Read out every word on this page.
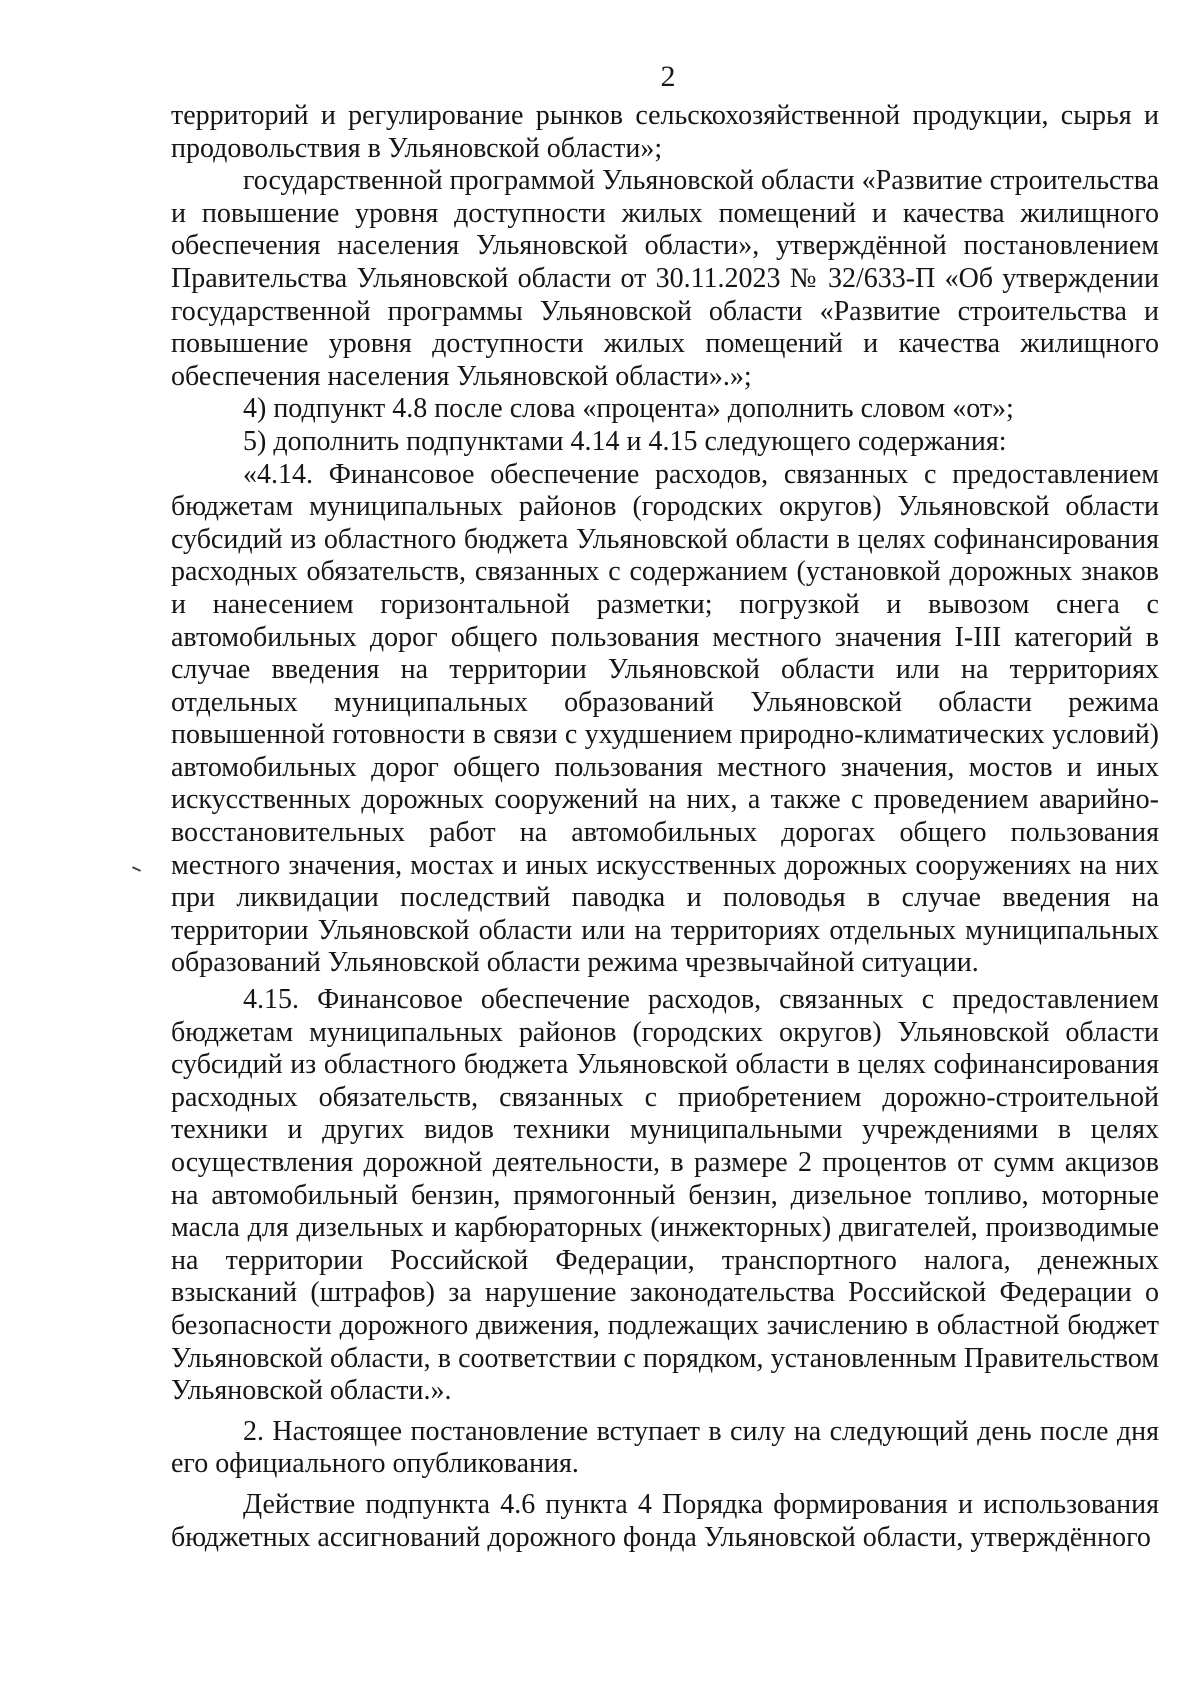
2

территорий и регулирование рынков сельскохозяйственной продукции, сырья и продовольствия в Ульяновской области»;

государственной программой Ульяновской области «Развитие строительства и повышение уровня доступности жилых помещений и качества жилищного обеспечения населения Ульяновской области», утверждённой постановлением Правительства Ульяновской области от 30.11.2023 № 32/633-П «Об утверждении государственной программы Ульяновской области «Развитие строительства и повышение уровня доступности жилых помещений и качества жилищного обеспечения населения Ульяновской области».»;

4) подпункт 4.8 после слова «процента» дополнить словом «от»;

5) дополнить подпунктами 4.14 и 4.15 следующего содержания:

«4.14. Финансовое обеспечение расходов, связанных с предоставлением бюджетам муниципальных районов (городских округов) Ульяновской области субсидий из областного бюджета Ульяновской области в целях софинансирования расходных обязательств, связанных с содержанием (установкой дорожных знаков и нанесением горизонтальной разметки; погрузкой и вывозом снега с автомобильных дорог общего пользования местного значения I-III категорий в случае введения на территории Ульяновской области или на территориях отдельных муниципальных образований Ульяновской области режима повышенной готовности в связи с ухудшением природно-климатических условий) автомобильных дорог общего пользования местного значения, мостов и иных искусственных дорожных сооружений на них, а также с проведением аварийно-восстановительных работ на автомобильных дорогах общего пользования местного значения, мостах и иных искусственных дорожных сооружениях на них при ликвидации последствий паводка и половодья в случае введения на территории Ульяновской области или на территориях отдельных муниципальных образований Ульяновской области режима чрезвычайной ситуации.

4.15. Финансовое обеспечение расходов, связанных с предоставлением бюджетам муниципальных районов (городских округов) Ульяновской области субсидий из областного бюджета Ульяновской области в целях софинансирования расходных обязательств, связанных с приобретением дорожно-строительной техники и других видов техники муниципальными учреждениями в целях осуществления дорожной деятельности, в размере 2 процентов от сумм акцизов на автомобильный бензин, прямогонный бензин, дизельное топливо, моторные масла для дизельных и карбюраторных (инжекторных) двигателей, производимые на территории Российской Федерации, транспортного налога, денежных взысканий (штрафов) за нарушение законодательства Российской Федерации о безопасности дорожного движения, подлежащих зачислению в областной бюджет Ульяновской области, в соответствии с порядком, установленным Правительством Ульяновской области.».

2. Настоящее постановление вступает в силу на следующий день после дня его официального опубликования.

Действие подпункта 4.6 пункта 4 Порядка формирования и использования бюджетных ассигнований дорожного фонда Ульяновской области, утверждённого
